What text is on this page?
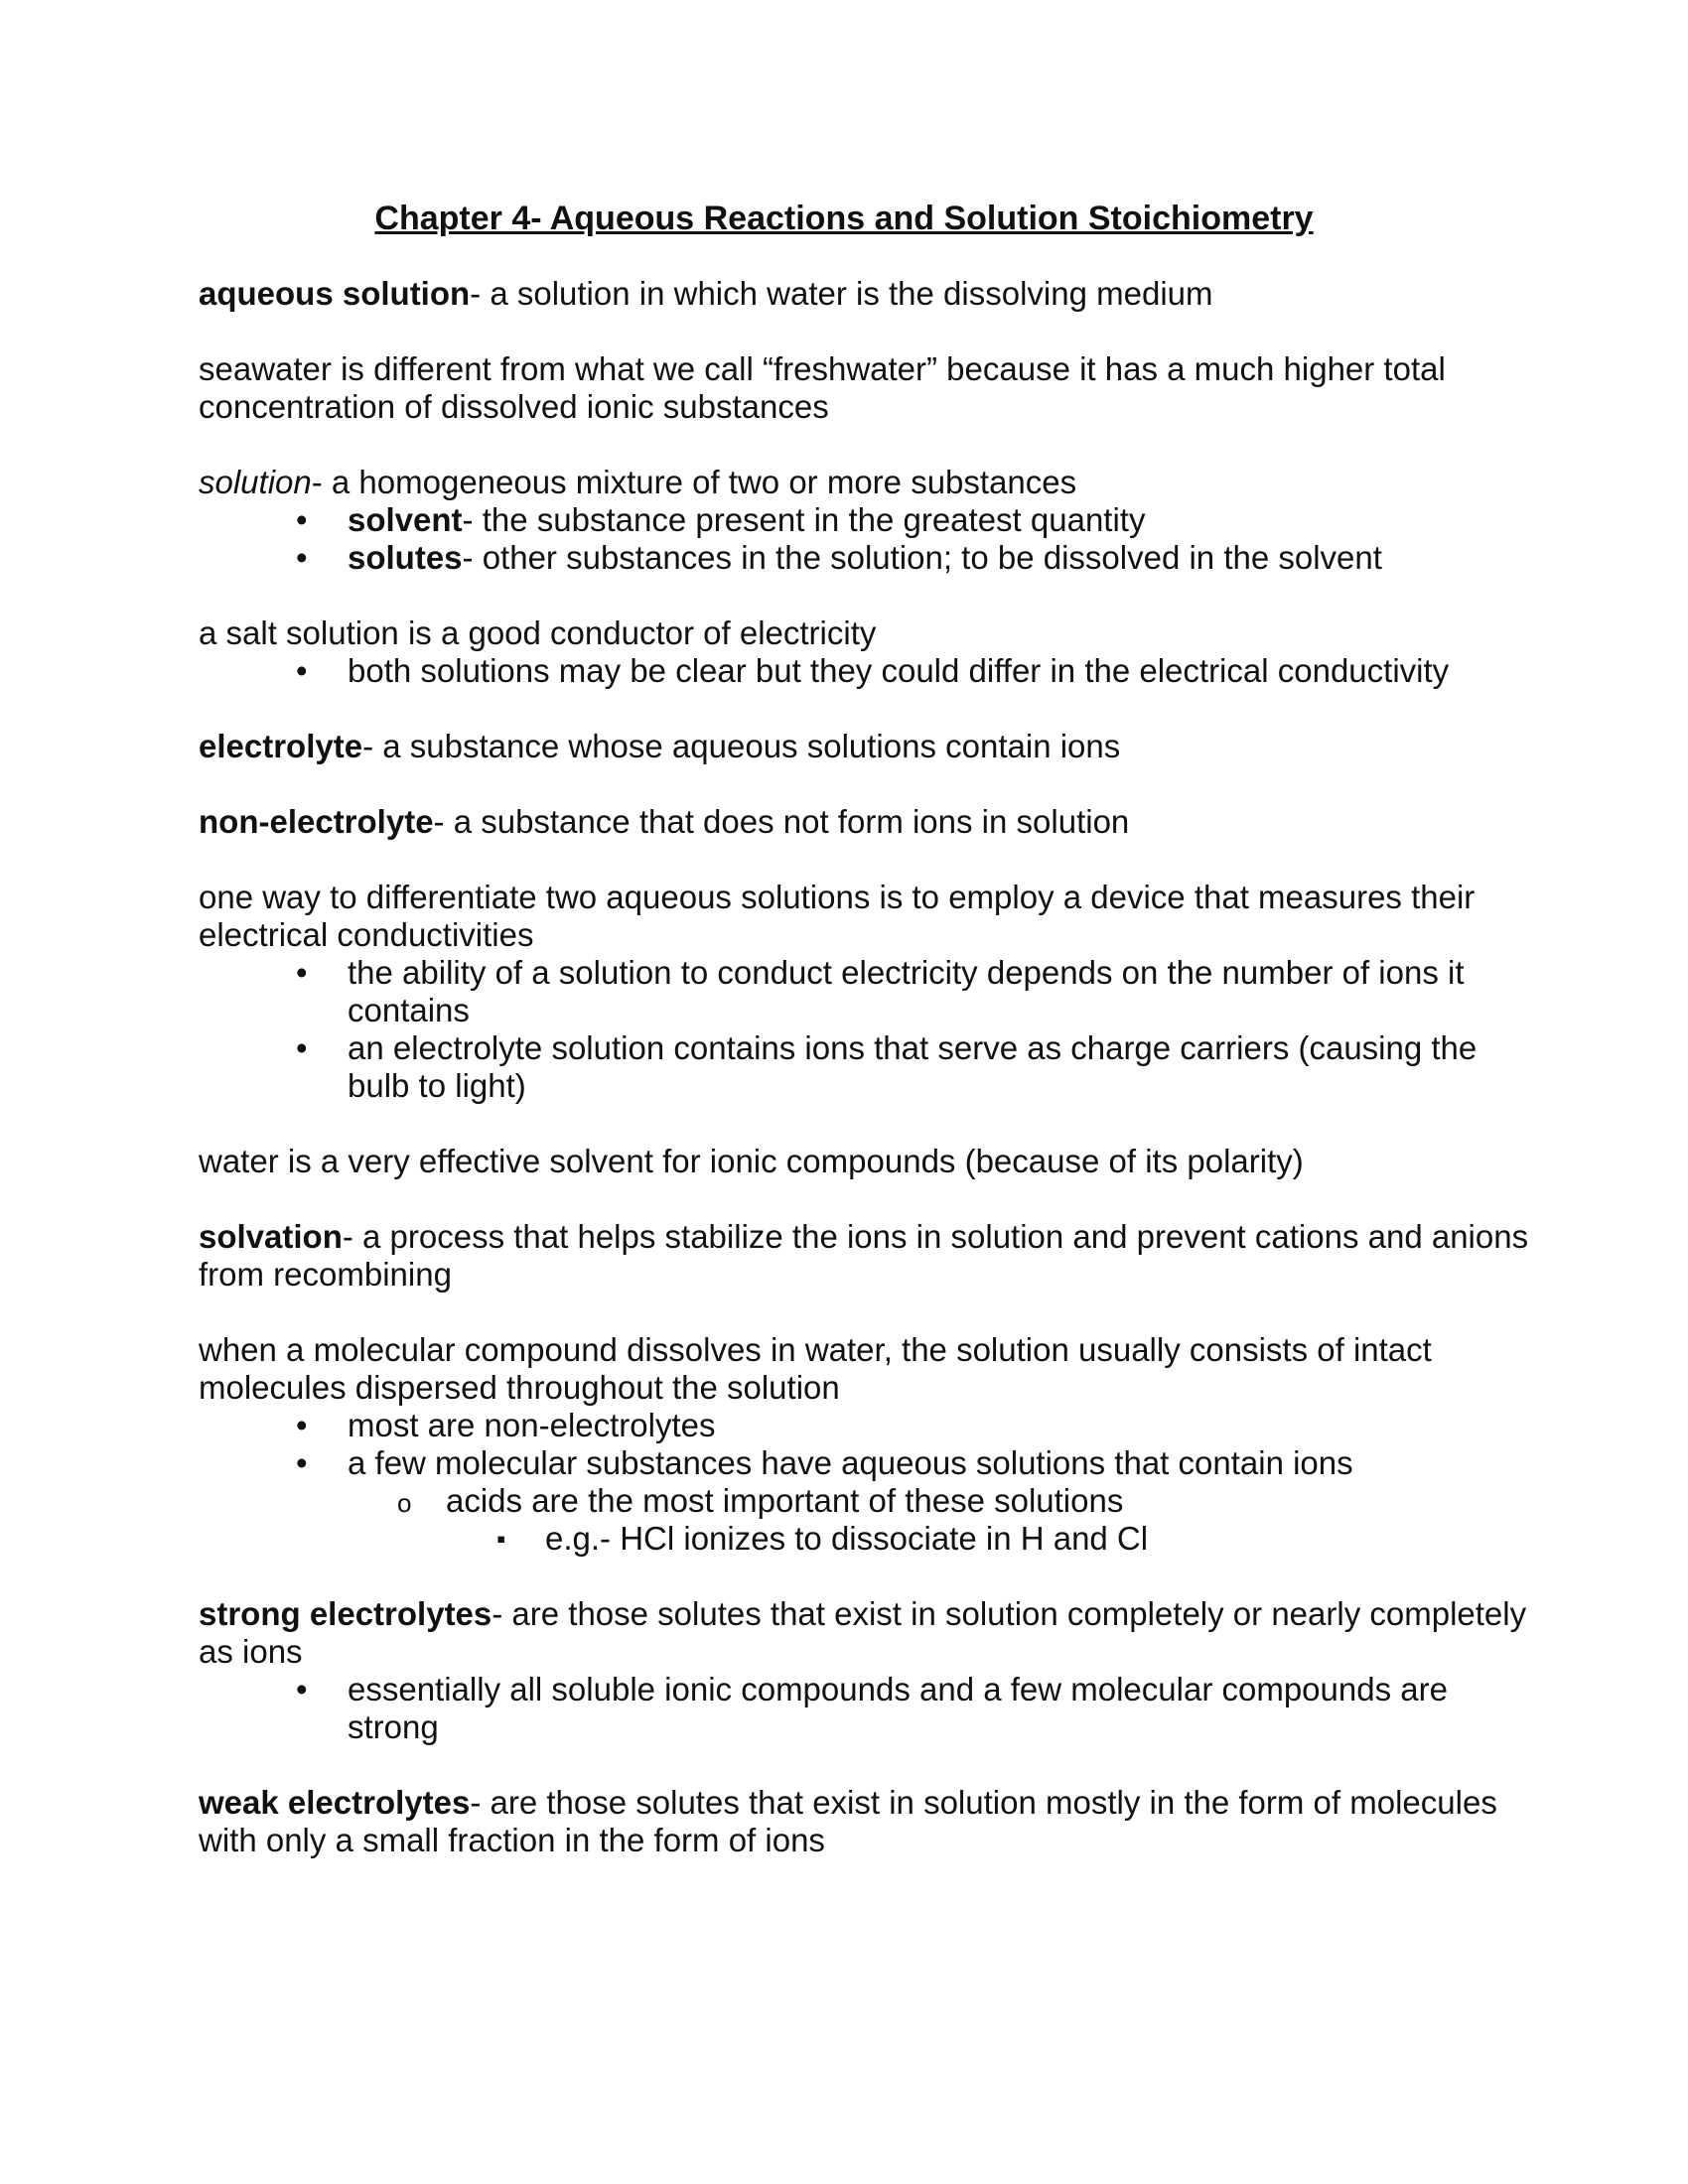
Chapter 4- Aqueous Reactions and Solution Stoichiometry

aqueous solution- a solution in which water is the dissolving medium

seawater is different from what we call “freshwater” because it has a much higher total concentration of dissolved ionic substances

solution- a homogeneous mixture of two or more substances

• solvent- the substance present in the greatest quantity

• solutes- other substances in the solution; to be dissolved in the solvent

a salt solution is a good conductor of electricity

• both solutions may be clear but they could differ in the electrical conductivity

electrolyte- a substance whose aqueous solutions contain ions

non-electrolyte- a substance that does not form ions in solution

one way to differentiate two aqueous solutions is to employ a device that measures their electrical conductivities

• the ability of a solution to conduct electricity depends on the number of ions it contains

• an electrolyte solution contains ions that serve as charge carriers (causing the bulb to light)

water is a very effective solvent for ionic compounds (because of its polarity)

solvation- a process that helps stabilize the ions in solution and prevent cations and anions from recombining

when a molecular compound dissolves in water, the solution usually consists of intact molecules dispersed throughout the solution

• most are non-electrolytes

• a few molecular substances have aqueous solutions that contain ions

o acids are the most important of these solutions

▪ e.g.- HCl ionizes to dissociate in H and Cl

strong electrolytes- are those solutes that exist in solution completely or nearly completely as ions

• essentially all soluble ionic compounds and a few molecular compounds are strong

weak electrolytes- are those solutes that exist in solution mostly in the form of molecules with only a small fraction in the form of ions
